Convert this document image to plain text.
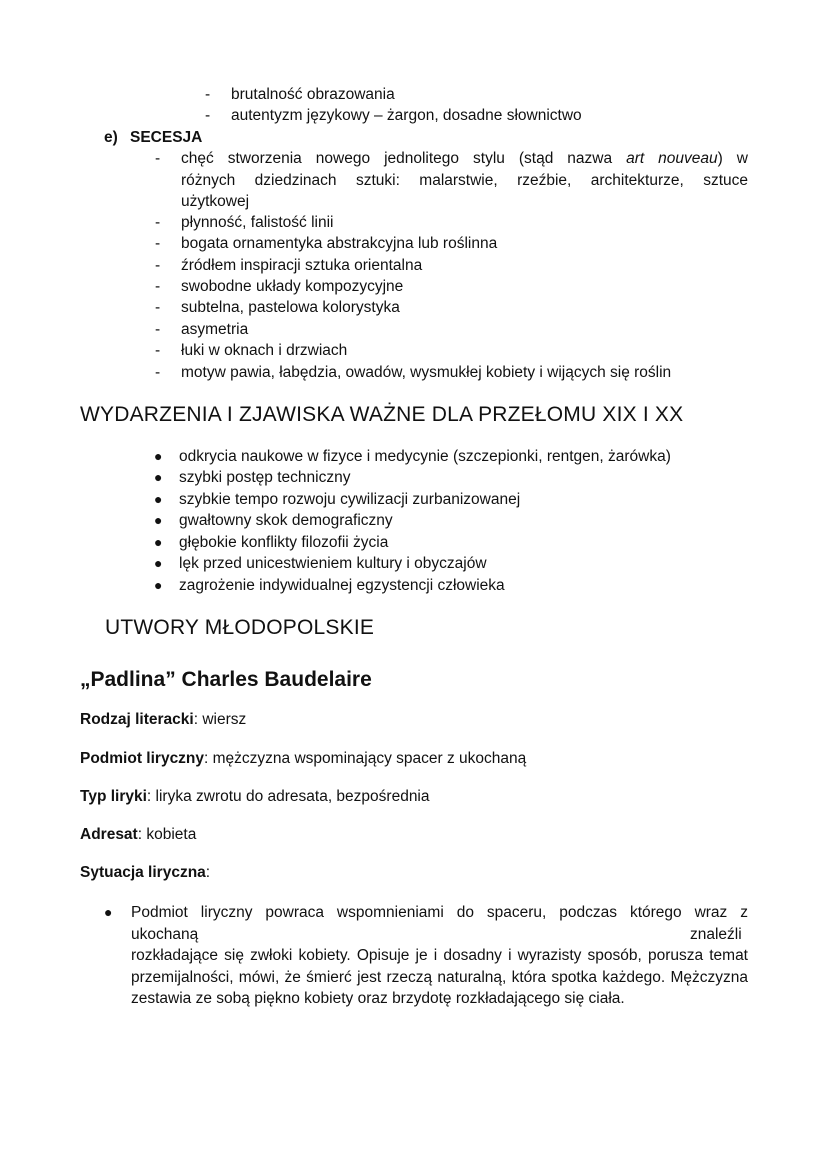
- brutalność obrazowania
- autentyzm językowy – żargon, dosadne słownictwo
e) SECESJA
- chęć stworzenia nowego jednolitego stylu (stąd nazwa art nouveau) w
różnych dziedzinach sztuki: malarstwie, rzeźbie, architekturze, sztuce
użytkowej
- płynność, falistość linii
- bogata ornamentyka abstrakcyjna lub roślinna
- źródłem inspiracji sztuka orientalna
- swobodne układy kompozycyjne
- subtelna, pastelowa kolorystyka
- asymetria
- łuki w oknach i drzwiach
- motyw pawia, łabędzia, owadów, wysmukłej kobiety i wijących się roślin
WYDARZENIA I ZJAWISKA WAŻNE DLA PRZEŁOMU XIX I XX
● odkrycia naukowe w fizyce i medycynie (szczepionki, rentgen, żarówka)
● szybki postęp techniczny
● szybkie tempo rozwoju cywilizacji zurbanizowanej
● gwałtowny skok demograficzny
● głębokie konflikty filozofii życia
● lęk przed unicestwieniem kultury i obyczajów
● zagrożenie indywidualnej egzystencji człowieka
UTWORY MŁODOPOLSKIE
„Padlina” Charles Baudelaire
Rodzaj literacki: wiersz
Podmiot liryczny: mężczyzna wspominający spacer z ukochaną
Typ liryki: liryka zwrotu do adresata, bezpośrednia
Adresat: kobieta
Sytuacja liryczna:
● Podmiot liryczny powraca wspomnieniami do spaceru, podczas którego wraz z
ukochaną	znaleźli
rozkładające się zwłoki kobiety. Opisuje je i dosadny i wyrazisty sposób, porusza temat przemijalności, mówi, że śmierć jest rzeczą naturalną, która spotka każdego. Mężczyzna zestawia ze sobą piękno kobiety oraz brzydotę rozkładającego się ciała.
